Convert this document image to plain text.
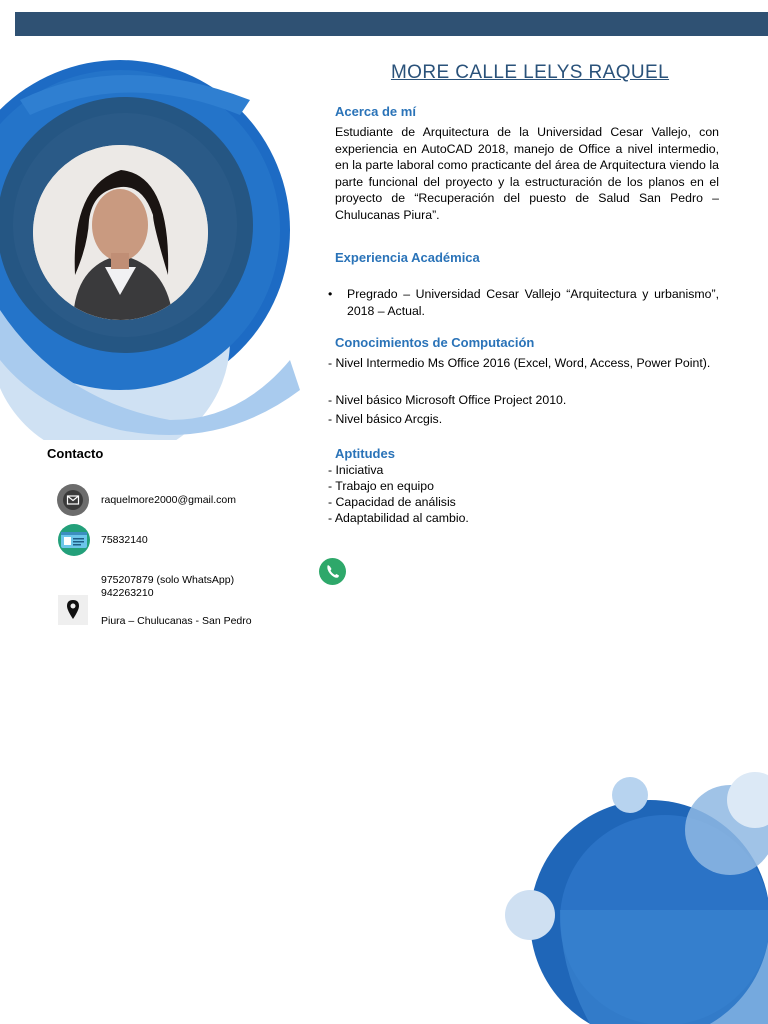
MORE CALLE LELYS RAQUEL
Acerca de mí
Estudiante de Arquitectura de la Universidad Cesar Vallejo, con experiencia en AutoCAD 2018, manejo de Office a nivel intermedio, en la parte laboral como practicante del área de Arquitectura viendo la parte funcional del proyecto y la estructuración de los planos en el proyecto de “Recuperación del puesto de Salud San Pedro – Chulucanas Piura”.
Experiencia Académica
• Pregrado – Universidad Cesar Vallejo “Arquitectura y urbanismo”, 2018 – Actual.
Conocimientos de Computación
- Nivel Intermedio Ms Office 2016 (Excel, Word, Access, Power Point).
- Nivel básico Microsoft Office Project 2010.
- Nivel básico Arcgis.
Aptitudes
- Iniciativa
- Trabajo en equipo
- Capacidad de análisis
- Adaptabilidad al cambio.
Contacto
raquelmore2000@gmail.com
75832140
975207879 (solo WhatsApp)
942263210
Piura – Chulucanas - San Pedro
